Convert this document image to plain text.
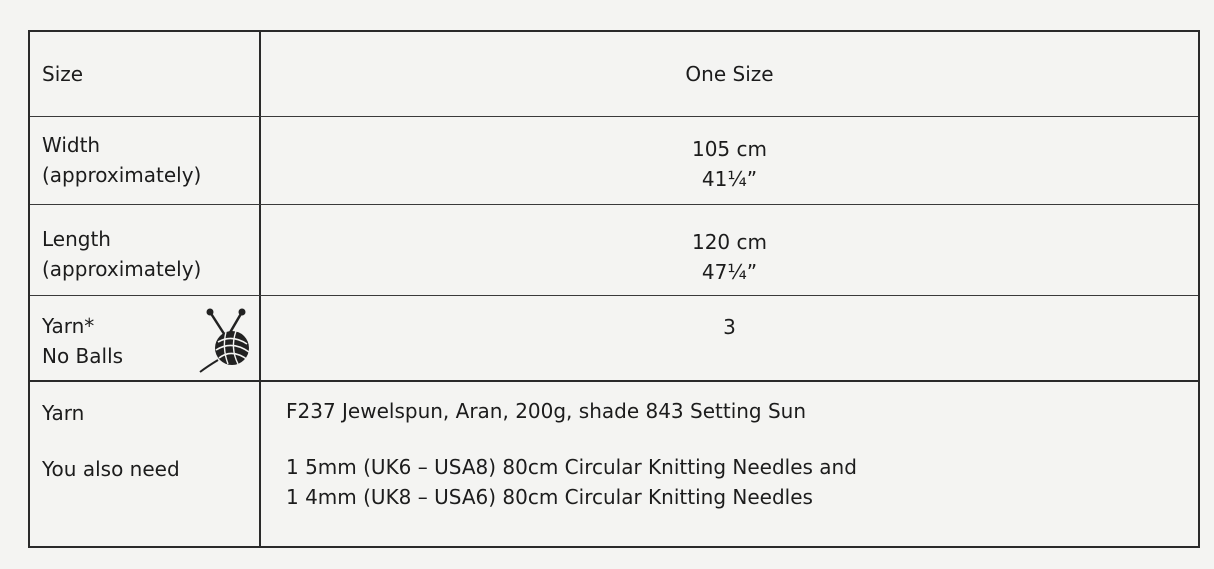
Size	One Size
Width
(approximately)
105 cm
41¼”
Length
(approximately)
120 cm
47¼”
Yarn*
No Balls
3
Yarn
You also need
F237 Jewelspun, Aran, 200g, shade 843 Setting Sun
1 5mm (UK6 – USA8) 80cm Circular Knitting Needles and
1 4mm (UK8 – USA6) 80cm Circular Knitting Needles
